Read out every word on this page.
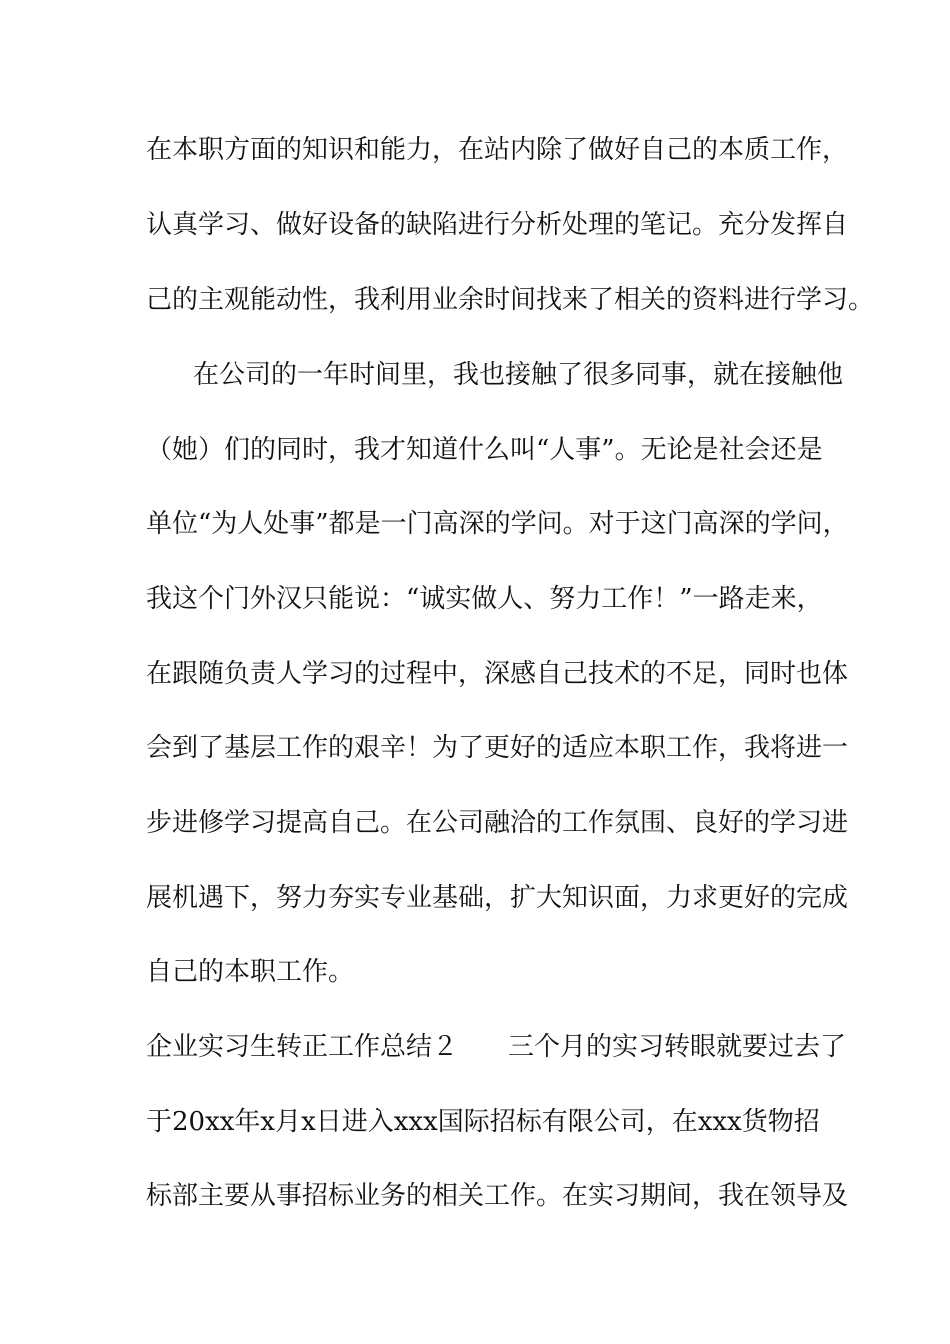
在本职方面的知识和能力，在站内除了做好自己的本质工作，
认真学习、做好设备的缺陷进行分析处理的笔记。充分发挥自
己的主观能动性，我利用业余时间找来了相关的资料进行学习。
在公司的一年时间里，我也接触了很多同事，就在接触他
（她）们的同时，我才知道什么叫“人事”。无论是社会还是
单位“为人处事”都是一门高深的学问。对于这门高深的学问，
我这个门外汉只能说：“诚实做人、努力工作！”一路走来，
在跟随负责人学习的过程中，深感自己技术的不足，同时也体
会到了基层工作的艰辛！为了更好的适应本职工作，我将进一
步进修学习提高自己。在公司融洽的工作氛围、良好的学习进
展机遇下，努力夯实专业基础，扩大知识面，力求更好的完成
自己的本职工作。
企业实习生转正工作总结２ 三个月的实习转眼就要过去了
于20xx年x月x日进入xxx国际招标有限公司，在xxx货物招
标部主要从事招标业务的相关工作。在实习期间，我在领导及
